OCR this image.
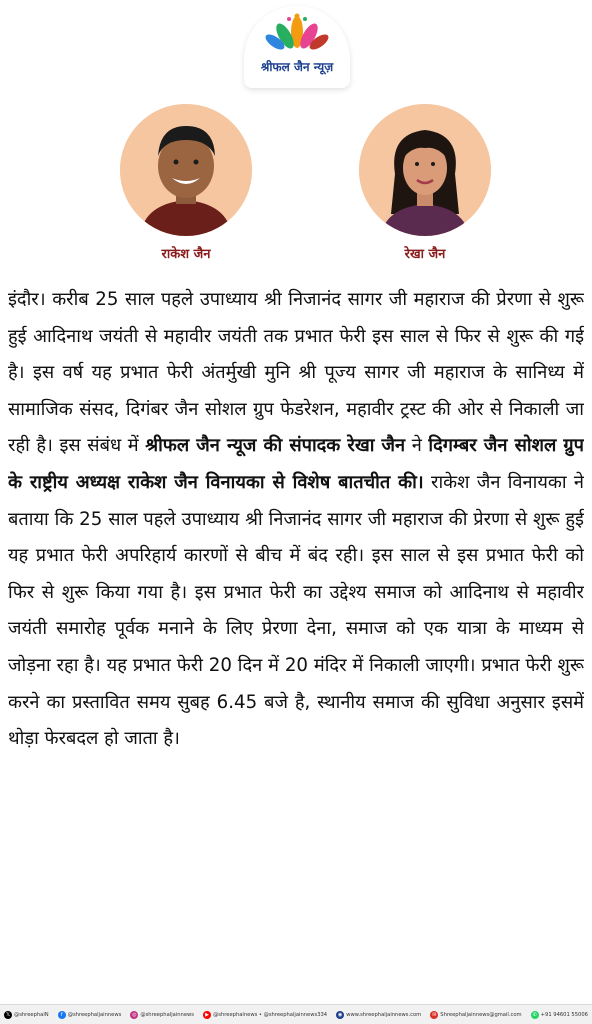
श्रीफल जैन न्यूज़
राकेश जैन	रेखा जैन
इंदौर। करीब 25 साल पहले उपाध्याय श्री निजानंद सागर जी महाराज की प्रेरणा से शुरू हुई आदिनाथ जयंती से महावीर जयंती तक प्रभात फेरी इस साल से फिर से शुरू की गई है। इस वर्ष यह प्रभात फेरी अंतर्मुखी मुनि श्री पूज्य सागर जी महाराज के सानिध्य में सामाजिक संसद, दिगंबर जैन सोशल ग्रुप फेडरेशन, महावीर ट्रस्ट की ओर से निकाली जा रही है। इस संबंध में श्रीफल जैन न्यूज की संपादक रेखा जैन ने दिगम्बर जैन सोशल ग्रुप के राष्ट्रीय अध्यक्ष राकेश जैन विनायका से विशेष बातचीत की। राकेश जैन विनायका ने बताया कि 25 साल पहले उपाध्याय श्री निजानंद सागर जी महाराज की प्रेरणा से शुरू हुई यह प्रभात फेरी अपरिहार्य कारणों से बीच में बंद रही। इस साल से इस प्रभात फेरी को फिर से शुरू किया गया है। इस प्रभात फेरी का उद्देश्य समाज को आदिनाथ से महावीर जयंती समारोह पूर्वक मनाने के लिए प्रेरणा देना, समाज को एक यात्रा के माध्यम से जोड़ना रहा है। यह प्रभात फेरी 20 दिन में 20 मंदिर में निकाली जाएगी। प्रभात फेरी शुरू करने का प्रस्तावित समय सुबह 6.45 बजे है, स्थानीय समाज की सुविधा अनुसार इसमें थोड़ा फेरबदल हो जाता है।
𝕏 @shreephalN	f @shreephaljainnews	◎ @shreephaljainnews	▶ @shreephalnews • @shreephaljainnews334	◉ www.shreephaljainnews.com	✉ Shreephaljainnews@gmail.com	✆ +91 94601 55006
